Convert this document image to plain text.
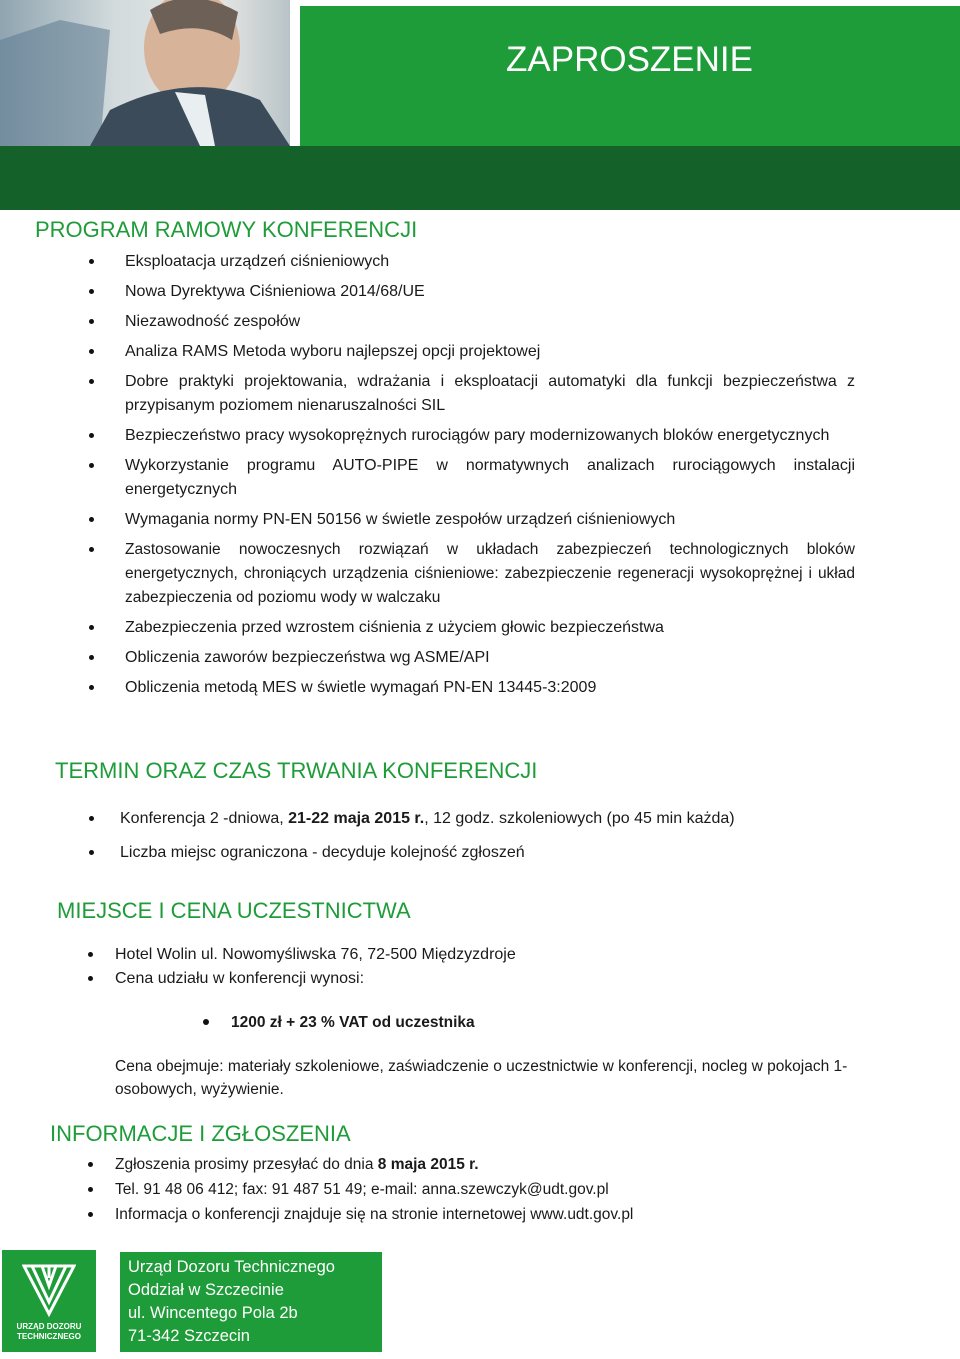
ZAPROSZENIE
PROGRAM RAMOWY KONFERENCJI
Eksploatacja urządzeń ciśnieniowych
Nowa Dyrektywa Ciśnieniowa 2014/68/UE
Niezawodność zespołów
Analiza RAMS Metoda wyboru najlepszej opcji projektowej
Dobre praktyki projektowania, wdrażania i eksploatacji automatyki dla funkcji bezpieczeństwa z przypisanym poziomem nienaruszalności SIL
Bezpieczeństwo pracy wysokoprężnych rurociągów pary modernizowanych bloków energetycznych
Wykorzystanie programu AUTO-PIPE w normatywnych analizach rurociągowych instalacji energetycznych
Wymagania normy PN-EN 50156 w świetle zespołów urządzeń ciśnieniowych
Zastosowanie nowoczesnych rozwiązań w układach zabezpieczeń technologicznych bloków energetycznych, chroniących urządzenia ciśnieniowe: zabezpieczenie regeneracji wysokoprężnej i układ zabezpieczenia od poziomu wody w walczaku
Zabezpieczenia przed wzrostem ciśnienia z użyciem głowic bezpieczeństwa
Obliczenia zaworów bezpieczeństwa wg ASME/API
Obliczenia metodą MES w świetle wymagań PN-EN 13445-3:2009
TERMIN ORAZ CZAS TRWANIA KONFERENCJI
Konferencja 2 -dniowa, 21-22 maja 2015 r., 12 godz. szkoleniowych (po 45 min każda)
Liczba miejsc ograniczona - decyduje kolejność zgłoszeń
MIEJSCE I CENA UCZESTNICTWA
Hotel Wolin ul. Nowomyśliwska 76, 72-500 Międzyzdroje
Cena udziału w konferencji wynosi:
1200 zł + 23 % VAT od uczestnika

Cena obejmuje: materiały szkoleniowe, zaświadczenie o uczestnictwie w konferencji, nocleg w pokojach 1-osobowych, wyżywienie.

INFORMACJE I ZGŁOSZENIA
Zgłoszenia prosimy przesyłać do dnia 8 maja 2015 r.
Tel. 91 48 06 412; fax: 91 487 51 49; e-mail: anna.szewczyk@udt.gov.pl
Informacja o konferencji znajduje się na stronie internetowej www.udt.gov.pl
URZĄD DOZORU
TECHNICZNEGO
Urząd Dozoru Technicznego
Oddział w Szczecinie
ul. Wincentego Pola 2b
71-342 Szczecin
